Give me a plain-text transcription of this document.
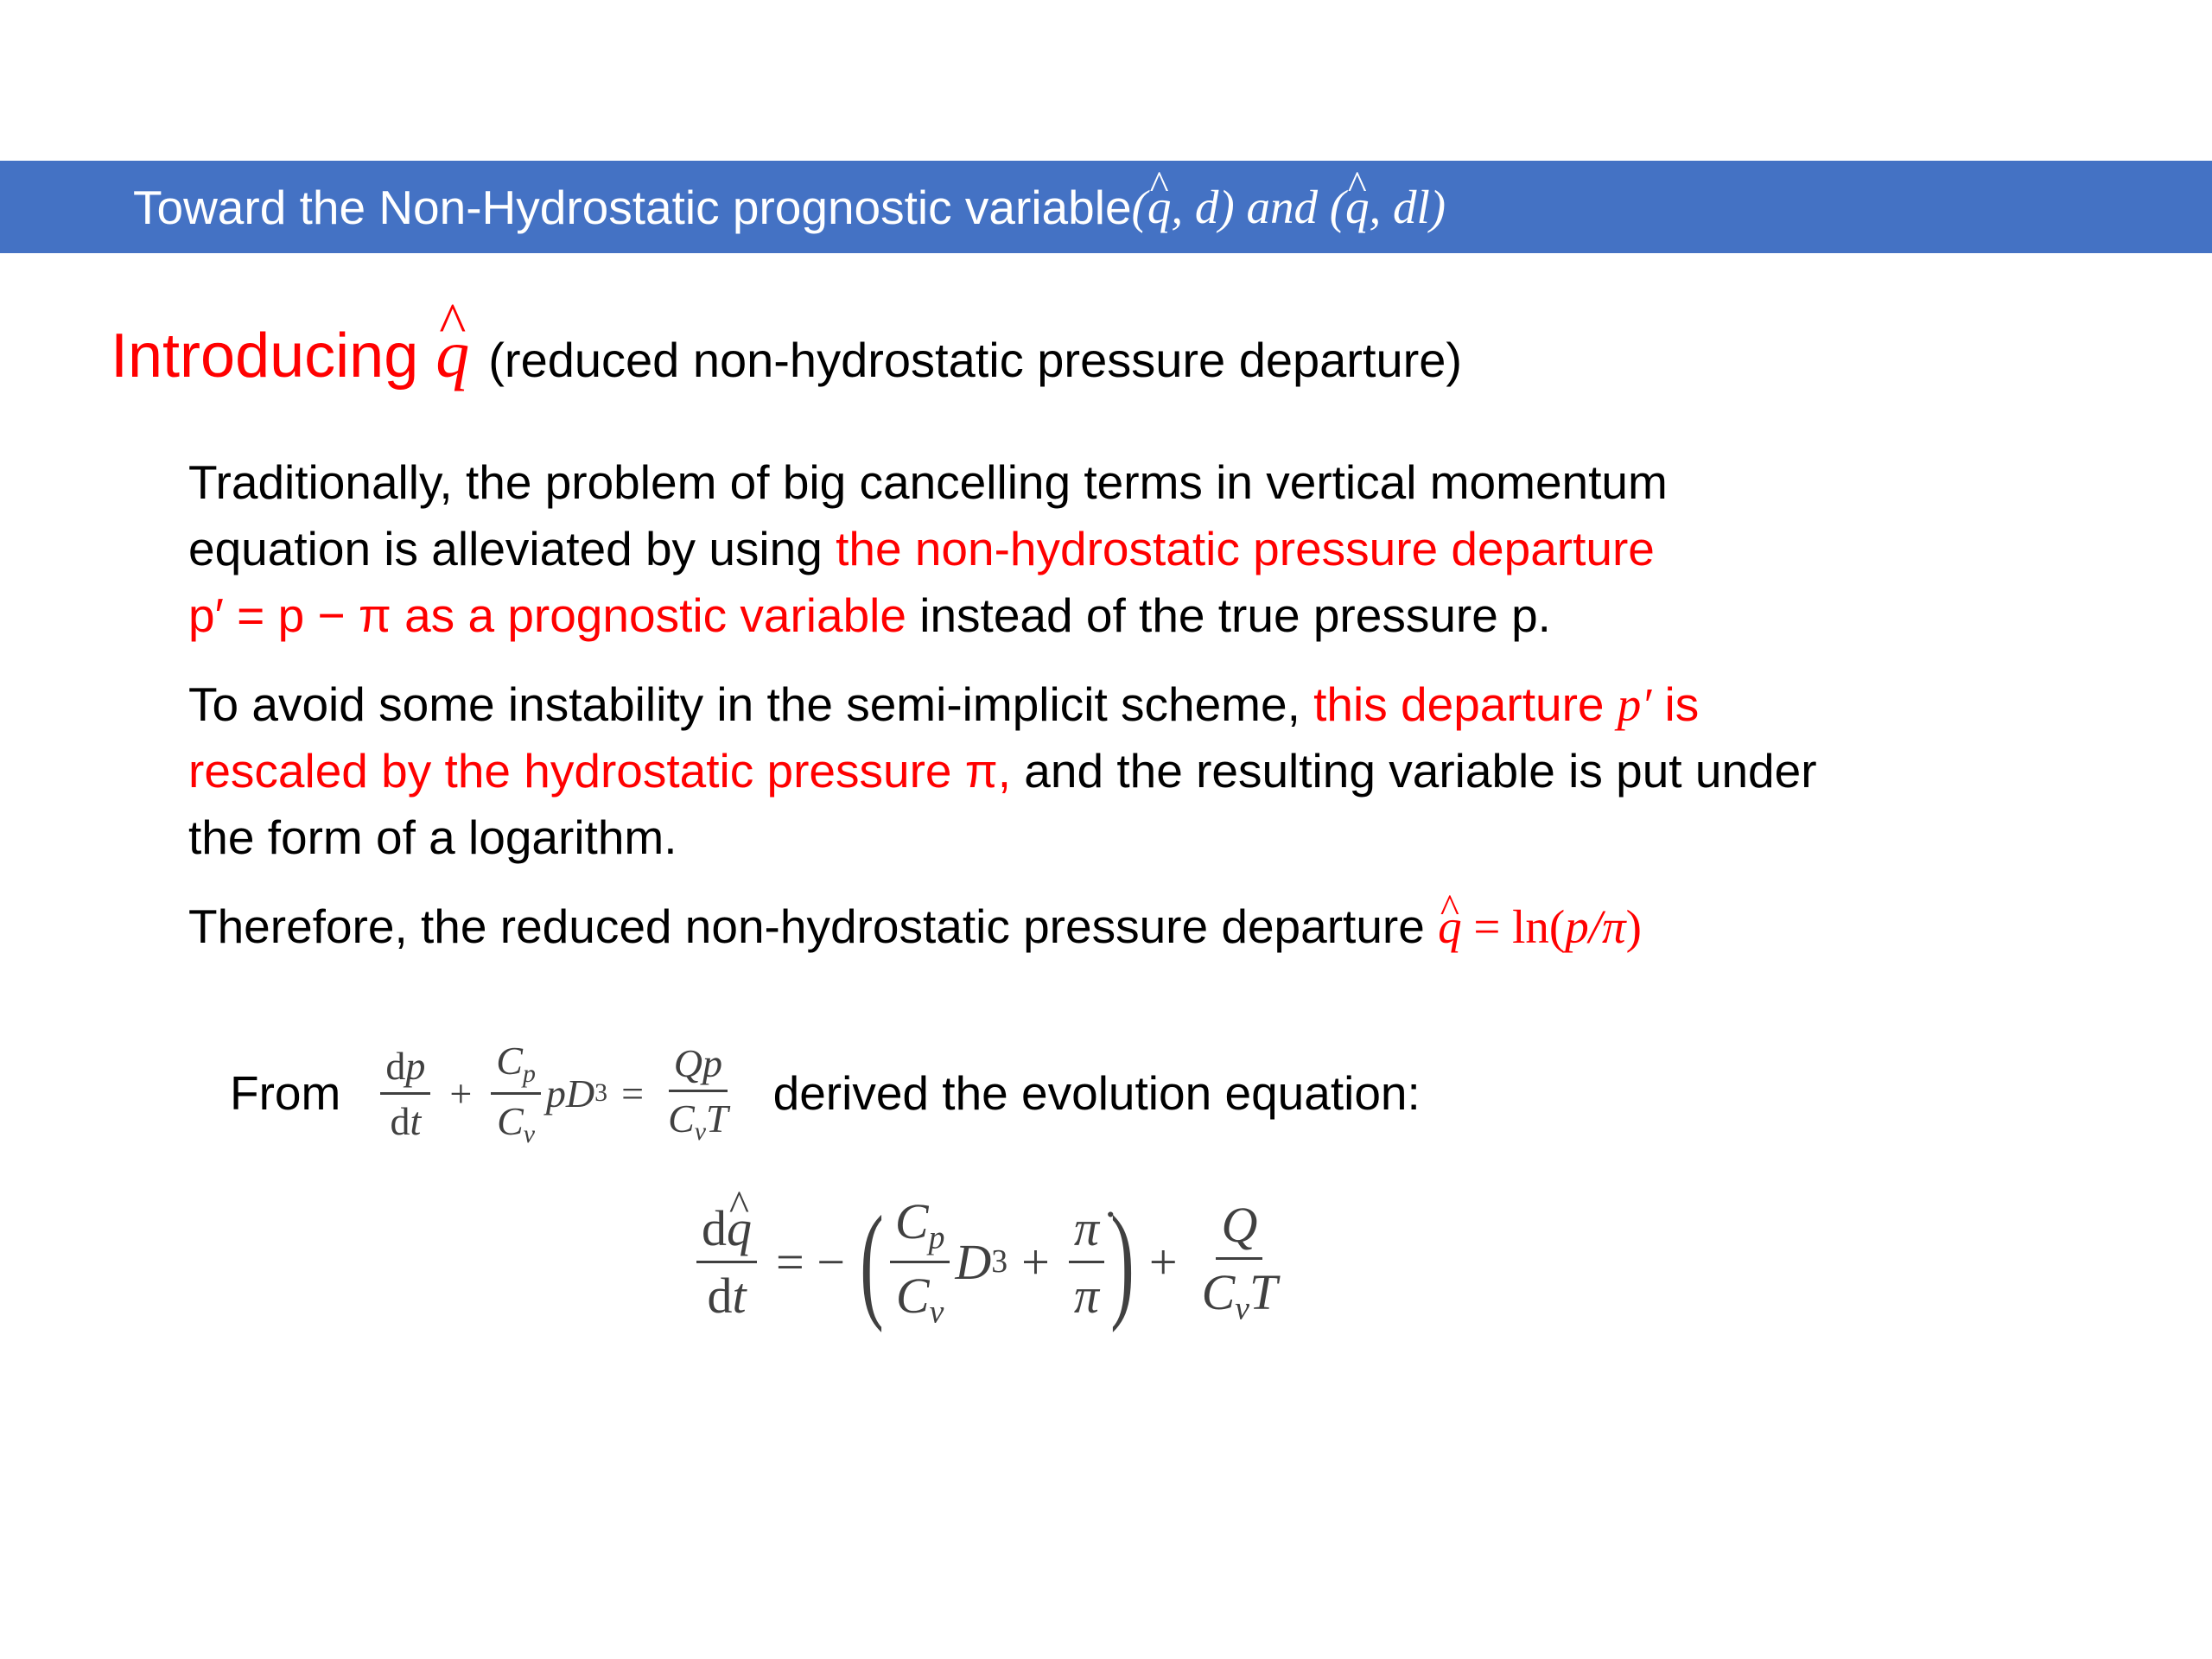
Toward the Non-Hydrostatic prognostic variable (^ q, d) and (^ q, dl)
Introducing ^ q (reduced non-hydrostatic pressure departure)
Traditionally, the problem of big cancelling terms in vertical momentum
equation is alleviated by using the non-hydrostatic pressure departure
p′ = p − π as a prognostic variable instead of the true pressure p.
To avoid some instability in the semi-implicit scheme, this departure p′ is
rescaled by the hydrostatic pressure π, and the resulting variable is put under
the form of a logarithm.
Therefore, the reduced non-hydrostatic pressure departure ^ q = ln(p/π)
From $\frac{dp}{dt} + \frac{C_p}{C_v}$ pD $3 = \frac{Qp}{C_vT}$ derived the evolution equation:
$\frac{d\^{} q}{dt}$ = − ( $\frac{C_p}{C_v}$ D $3 + \frac{\pi̇}{\pi}$ ) + $\frac{Q}{C_vT}$
